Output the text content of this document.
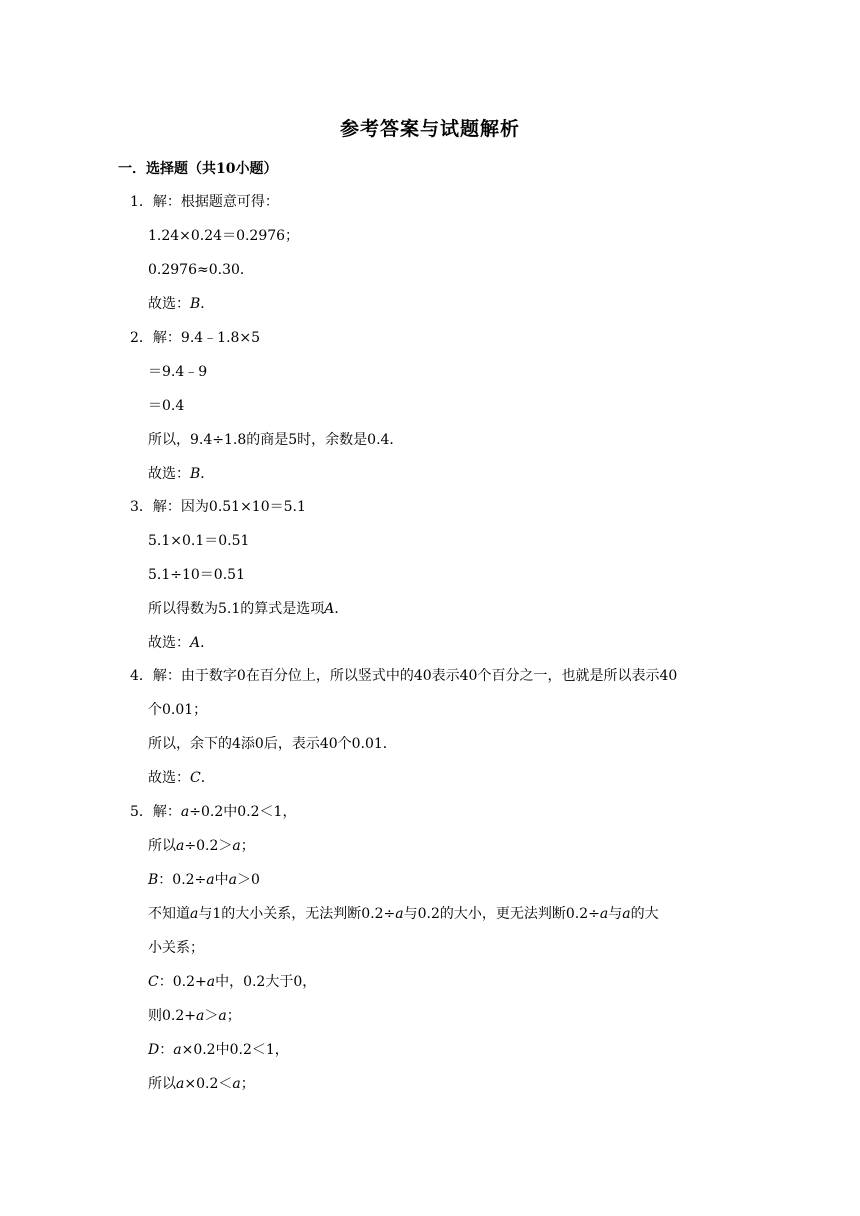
参考答案与试题解析
一．选择题（共10小题）
1．解：根据题意可得：
1.24×0.24＝0.2976；
0.2976≈0.30．
故选：B．
2．解：9.4﹣1.8×5
＝9.4﹣9
＝0.4
所以，9.4÷1.8的商是5时，余数是0.4．
故选：B．
3．解：因为0.51×10＝5.1
5.1×0.1＝0.51
5.1÷10＝0.51
所以得数为5.1的算式是选项A．
故选：A．
4．解：由于数字0在百分位上，所以竖式中的40表示40个百分之一，也就是所以表示40
个0.01；
所以，余下的4添0后，表示40个0.01．
故选：C．
5．解：a÷0.2中0.2＜1，
所以a÷0.2＞a；
B：0.2÷a中a＞0
不知道a与1的大小关系，无法判断0.2÷a与0.2的大小，更无法判断0.2÷a与a的大
小关系；
C：0.2+a中，0.2大于0，
则0.2+a＞a；
D：a×0.2中0.2＜1，
所以a×0.2＜a；
